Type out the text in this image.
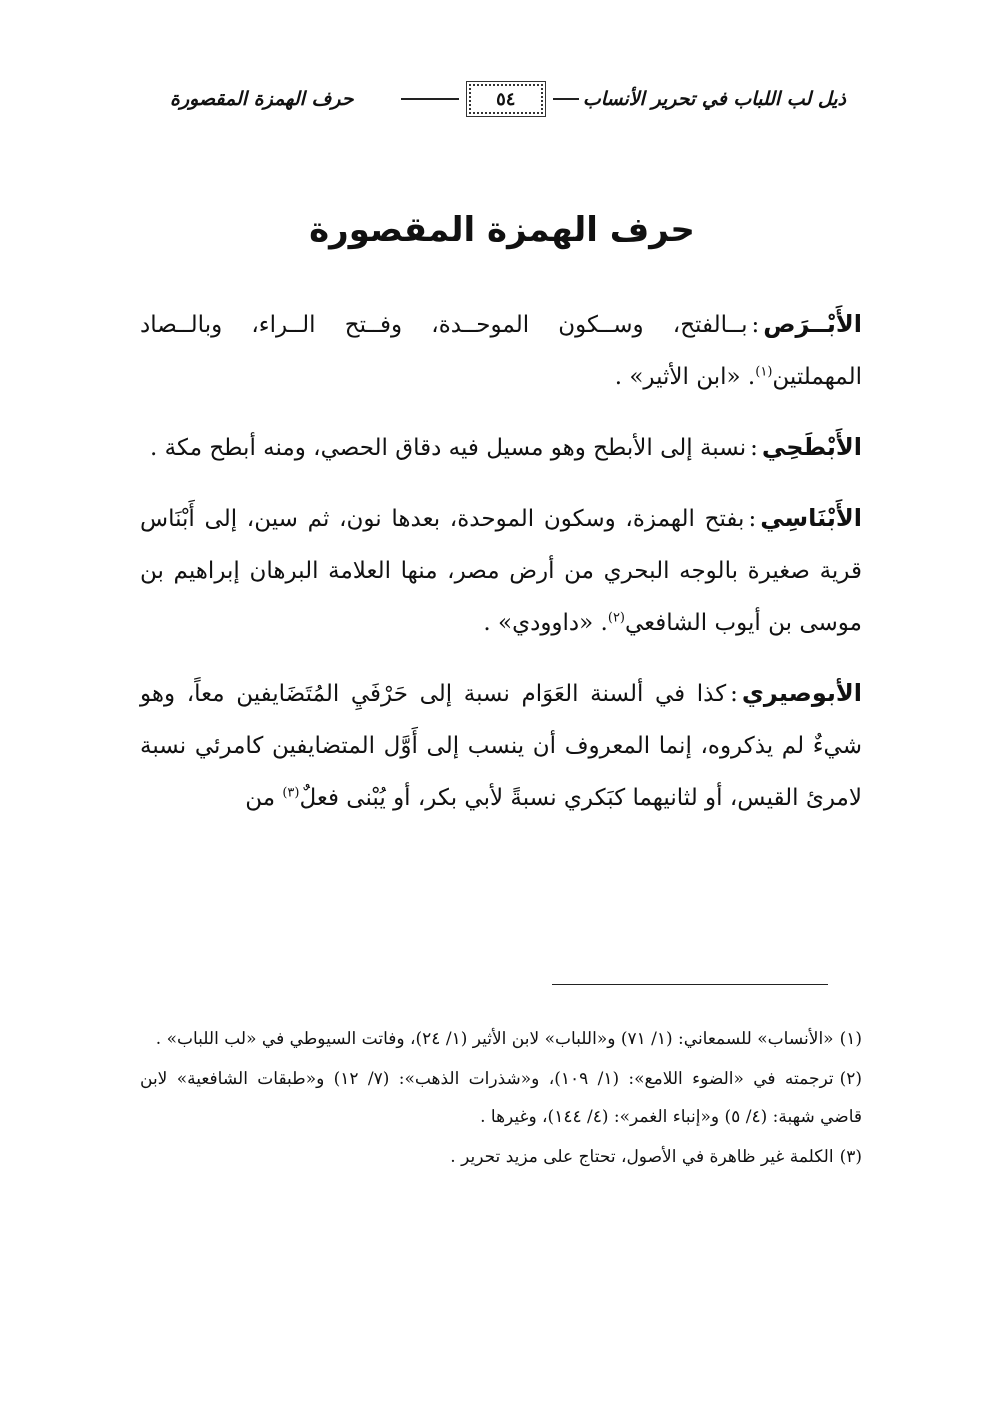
ذيل لب اللباب في تحرير الأنساب
٥٤
حرف الهمزة المقصورة
حرف الهمزة المقصورة

الأَبْــرَص:بــالفتح، وســكون الموحــدة، وفــتح الــراء، وبالــصاد المهملتين$^{(١)}$. «ابن الأثير» .

الأَبْطَحِي:نسبة إلى الأبطح وهو مسيل فيه دقاق الحصي، ومنه أبطح مكة .

الأَبْنَاسِي:بفتح الهمزة، وسكون الموحدة، بعدها نون، ثم سين، إلى أَبْنَاس قرية صغيرة بالوجه البحري من أرض مصر، منها العلامة البرهان إبراهيم بن موسى بن أيوب الشافعي$^{(٢)}$. «داوودي» .

الأبوصيري:كذا في ألسنة العَوَام نسبة إلى حَرْفَيِ المُتَضَايفين معاً، وهو شيءٌ لم يذكروه، إنما المعروف أن ينسب إلى أَوَّل المتضايفين كامرئي نسبة لامرئ القيس، أو لثانيهما كبَكري نسبةً لأبي بكر، أو يُبْنى فعلٌ$^{(٣)}$ من

(١)«الأنساب» للسمعاني: (١/ ٧١) و«اللباب» لابن الأثير (١/ ٢٤)، وفاتت السيوطي في «لب اللباب» .

(٢)ترجمته في «الضوء اللامع»: (١/ ١٠٩)، و«شذرات الذهب»: (٧/ ١٢) و«طبقات الشافعية» لابن قاضي شهبة: (٤/ ٥) و«إنباء الغمر»: (٤/ ١٤٤)، وغيرها .

(٣)الكلمة غير ظاهرة في الأصول، تحتاج على مزيد تحرير .
